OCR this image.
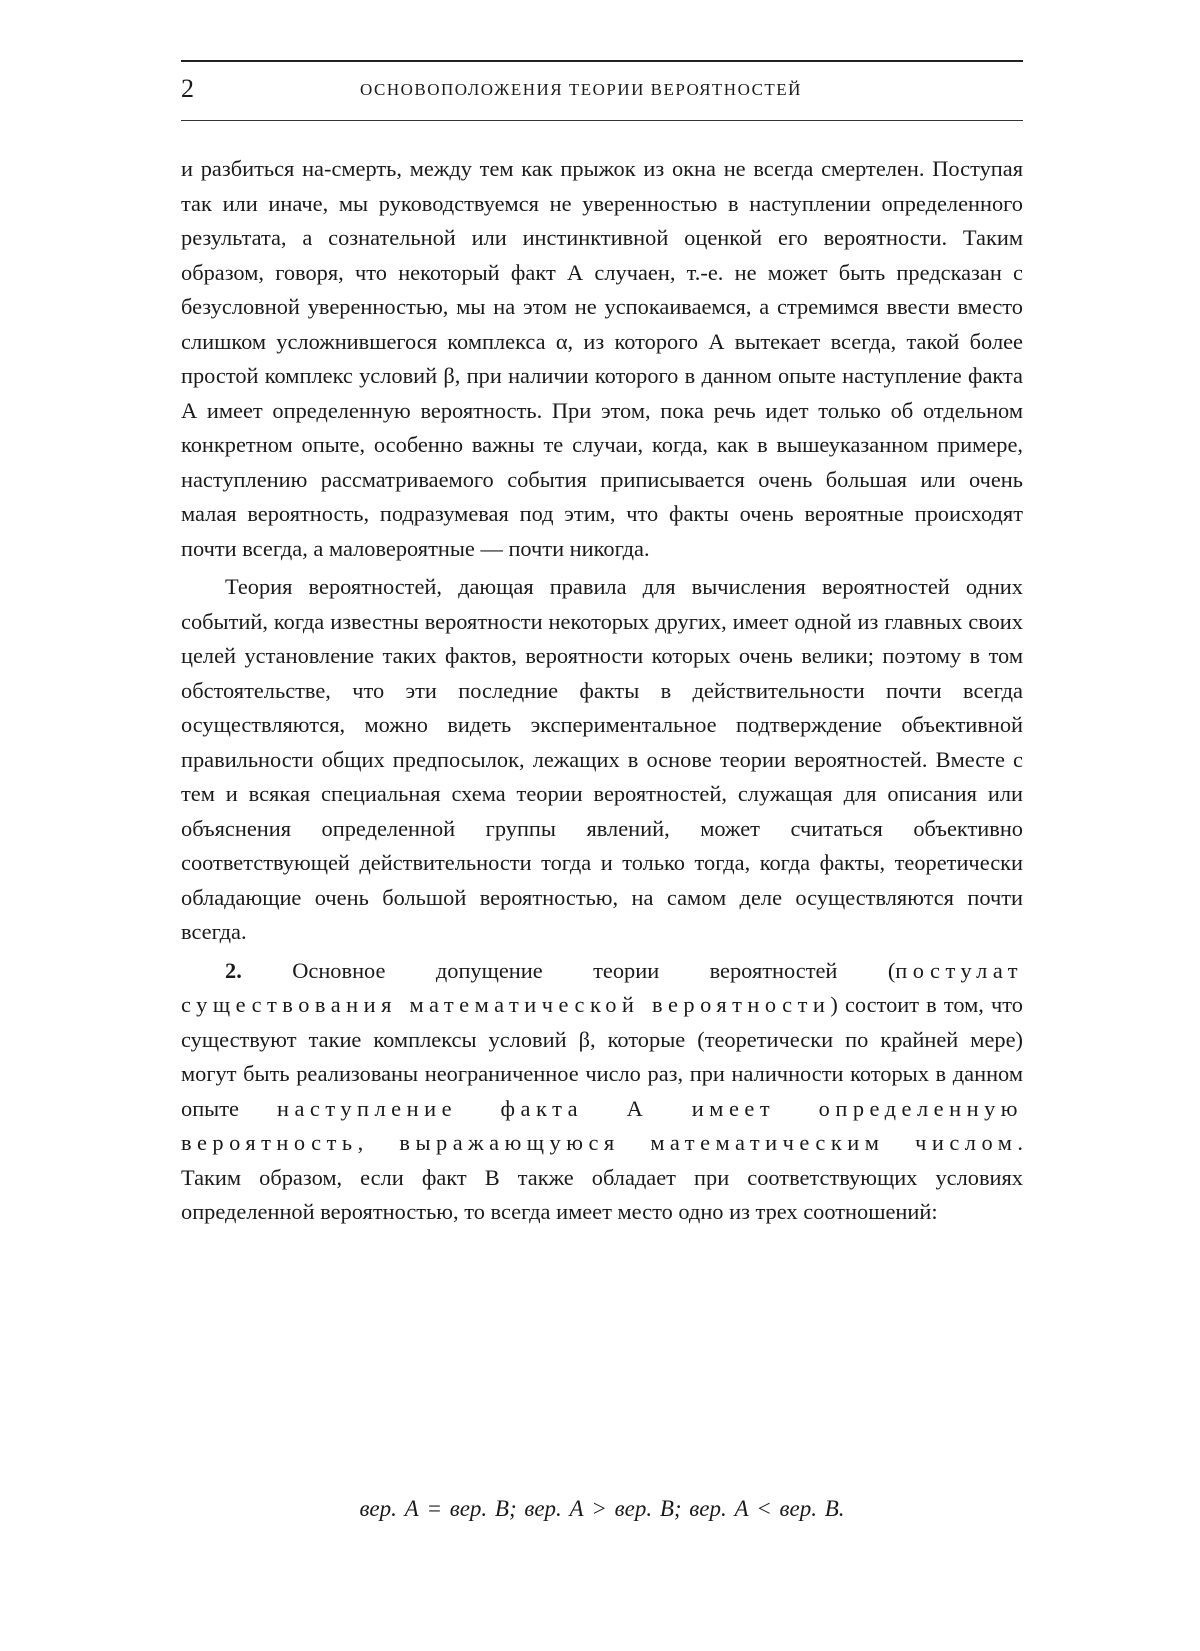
2	ОСНОВОПОЛОЖЕНИЯ ТЕОРИИ ВЕРОЯТНОСТЕЙ

и разбиться на-смерть, между тем как прыжок из окна не всегда смертелен. Поступая так или иначе, мы руководствуемся не уверенностью в наступлении определенного результата, а сознательной или инстинктивной оценкой его вероятности. Таким образом, говоря, что некоторый факт А случаен, т.-е. не может быть предсказан с безусловной уверенностью, мы на этом не успокаиваемся, а стремимся ввести вместо слишком усложнившегося комплекса α, из которого А вытекает всегда, такой более простой комплекс условий β, при наличии которого в данном опыте наступление факта А имеет определенную вероятность. При этом, пока речь идет только об отдельном конкретном опыте, особенно важны те случаи, когда, как в вышеуказанном примере, наступлению рассматриваемого события приписывается очень большая или очень малая вероятность, подразумевая под этим, что факты очень вероятные происходят почти всегда, а маловероятные — почти никогда.

Теория вероятностей, дающая правила для вычисления вероятностей одних событий, когда известны вероятности некоторых других, имеет одной из главных своих целей установление таких фактов, вероятности которых очень велики; поэтому в том обстоятельстве, что эти последние факты в действительности почти всегда осуществляются, можно видеть экспериментальное подтверждение объективной правильности общих предпосылок, лежащих в основе теории вероятностей. Вместе с тем и всякая специальная схема теории вероятностей, служащая для описания или объяснения определенной группы явлений, может считаться объективно соответствующей действительности тогда и только тогда, когда факты, теоретически обладающие очень большой вероятностью, на самом деле осуществляются почти всегда.

2. Основное допущение теории вероятностей (постулат существования математической вероятности) состоит в том, что существуют такие комплексы условий β, которые (теоретически по крайней мере) могут быть реализованы неограниченное число раз, при наличности которых в данном опыте наступление факта А имеет определенную вероятность, выражающуюся математическим числом. Таким образом, если факт В также обладает при соответствующих условиях определенной вероятностью, то всегда имеет место одно из трех соотношений:

вер. А = вер. В; вер. А > вер. В; вер. А < вер. В.
